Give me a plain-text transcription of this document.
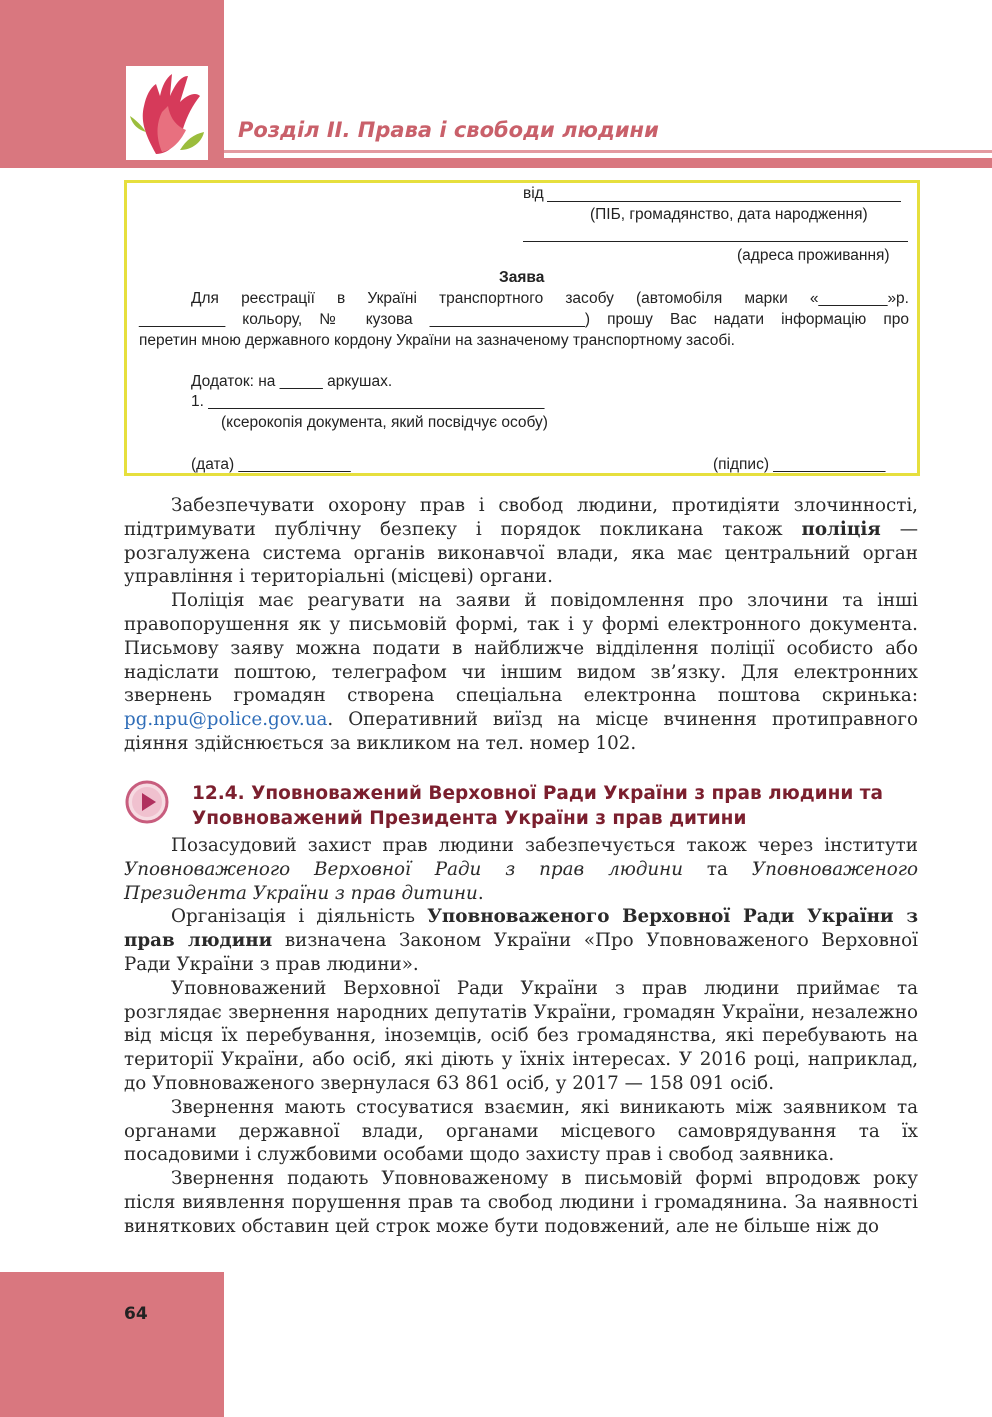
Розділ II. Права і свободи людини
від
(ПІБ, громадянство, дата народження)
(адреса проживання)
Заява
Для реєстрації в Україні транспортного засобу (автомобіля марки «________»р.
__________ кольору, № кузова __________________) прошу Вас надати інформацію про
перетин мною державного кордону України на зазначеному транспортному засобі.
Додаток: на _____ аркушах.
1. _______________________________________
(ксерокопія документа, який посвідчує особу)
(дата) _____________	(підпис) _____________

Забезпечувати охорону прав і свобод людини, протидіяти злочинності, підтримувати публічну безпеку і порядок покликана також поліція — розгалужена система органів виконавчої влади, яка має центральний орган управління і територіальні (місцеві) органи.

Поліція має реагувати на заяви й повідомлення про злочини та інші правопорушення як у письмовій формі, так і у формі електронного документа. Письмову заяву можна подати в найближче відділення поліції особисто або надіслати поштою, телеграфом чи іншим видом зв’язку. Для електронних звернень громадян створена спеціальна електронна поштова скринька: pg.npu@police.gov.ua. Оперативний виїзд на місце вчинення протиправного діяння здійснюється за викликом на тел. номер 102.

12.4. Уповноважений Верховної Ради України з прав людини та
Уповноважений Президента України з прав дитини

Позасудовий захист прав людини забезпечується також через інститути Уповноваженого Верховної Ради з прав людини та Уповноваженого Президента України з прав дитини.

Організація і діяльність Уповноваженого Верховної Ради України з прав людини визначена Законом України «Про Уповноваженого Верховної Ради України з прав людини».

Уповноважений Верховної Ради України з прав людини приймає та розглядає звернення народних депутатів України, громадян України, незалежно від місця їх перебування, іноземців, осіб без громадянства, які перебувають на території України, або осіб, які діють у їхніх інтересах. У 2016 році, наприклад, до Уповноваженого звернулася 63 861 осіб, у 2017 — 158 091 осіб.

Звернення мають стосуватися взаємин, які виникають між заявником та органами державної влади, органами місцевого самоврядування та їх посадовими і службовими особами щодо захисту прав і свобод заявника.

Звернення подають Уповноваженому в письмовій формі впродовж року після виявлення порушення прав та свобод людини і громадянина. За наявності виняткових обставин цей строк може бути подовжений, але не більше ніж до

64
